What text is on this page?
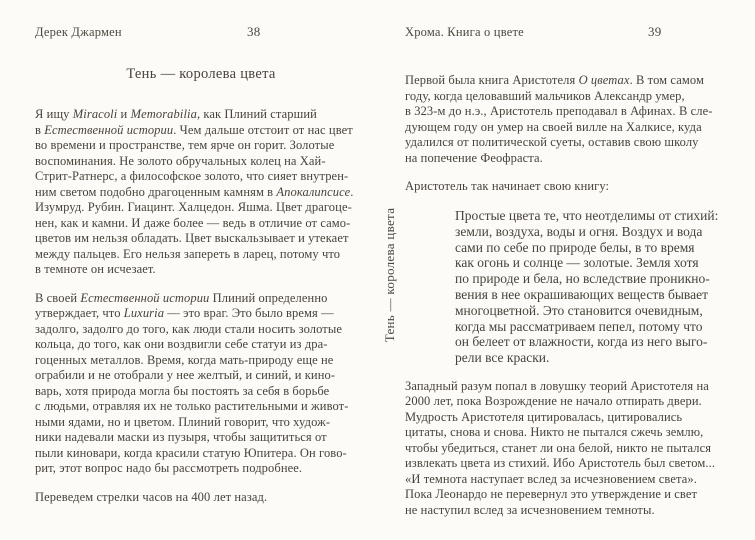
Дерек Джармен	38
Тень — королева цвета
Я ищу Miracoli и Memorabilia, как Плиний старший
в Естественной истории. Чем дальше отстоит от нас цвет
во времени и пространстве, тем ярче он горит. Золотые
воспоминания. Не золото обручальных колец на Хай-
Стрит-Ратнерс, а философское золото, что сияет внутрен-
ним светом подобно драгоценным камням в Апокалипсисе.
Изумруд. Рубин. Гиацинт. Халцедон. Яшма. Цвет драгоце-
нен, как и камни. И даже более — ведь в отличие от само-
цветов им нельзя обладать. Цвет выскальзывает и утекает
между пальцев. Его нельзя запереть в ларец, потому что
в темноте он исчезает.
В своей Естественной истории Плиний определенно
утверждает, что Luxuria — это враг. Это было время —
задолго, задолго до того, как люди стали носить золотые
кольца, до того, как они воздвигли себе статуи из дра-
гоценных металлов. Время, когда мать-природу еще не
ограбили и не отобрали у нее желтый, и синий, и кино-
варь, хотя природа могла бы постоять за себя в борьбе
с людьми, отравляя их не только растительными и живот-
ными ядами, но и цветом. Плиний говорит, что худож-
ники надевали маски из пузыря, чтобы защититься от
пыли киновари, когда красили статую Юпитера. Он гово-
рит, этот вопрос надо бы рассмотреть подробнее.
Переведем стрелки часов на 400 лет назад.
Хрома. Книга о цвете	39
Первой была книга Аристотеля О цветах. В том самом
году, когда целовавший мальчиков Александр умер,
в 323-м до н.э., Аристотель преподавал в Афинах. В сле-
дующем году он умер на своей вилле на Халкисе, куда
удалился от политической суеты, оставив свою школу
на попечение Феофраста.
Аристотель так начинает свою книгу:
Простые цвета те, что неотделимы от стихий:
земли, воздуха, воды и огня. Воздух и вода
сами по себе по природе белы, в то время
как огонь и солнце — золотые. Земля хотя
по природе и бела, но вследствие проникно-
вения в нее окрашивающих веществ бывает
многоцветной. Это становится очевидным,
когда мы рассматриваем пепел, потому что
он белеет от влажности, когда из него выго-
рели все краски.
Западный разум попал в ловушку теорий Аристотеля на
2000 лет, пока Возрождение не начало отпирать двери.
Мудрость Аристотеля цитировалась, цитировались
цитаты, снова и снова. Никто не пытался сжечь землю,
чтобы убедиться, станет ли она белой, никто не пытался
извлекать цвета из стихий. Ибо Аристотель был светом...
«И темнота наступает вслед за исчезновением света».
Пока Леонардо не перевернул это утверждение и свет
не наступил вслед за исчезновением темноты.
Тень — королева цвета
